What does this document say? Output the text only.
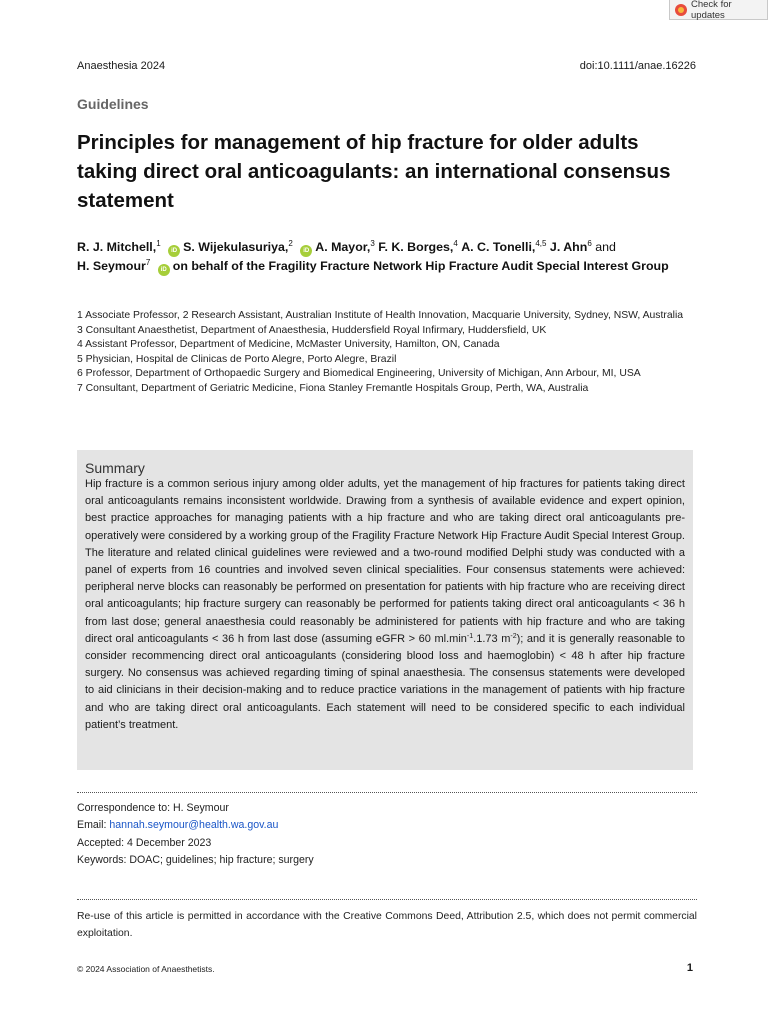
Check for updates
Anaesthesia 2024	doi:10.1111/anae.16226
Guidelines
Principles for management of hip fracture for older adults taking direct oral anticoagulants: an international consensus statement
R. J. Mitchell,$^1$ iD S. Wijekulasuriya,$^2$ iD A. Mayor,$^3$ F. K. Borges,$^4$ A. C. Tonelli,$^{4,5}$ J. Ahn$^6$ and
H. Seymour$^7$ iD on behalf of the Fragility Fracture Network Hip Fracture Audit Special Interest Group
1 Associate Professor, 2 Research Assistant, Australian Institute of Health Innovation, Macquarie University, Sydney, NSW, Australia
3 Consultant Anaesthetist, Department of Anaesthesia, Huddersfield Royal Infirmary, Huddersfield, UK
4 Assistant Professor, Department of Medicine, McMaster University, Hamilton, ON, Canada
5 Physician, Hospital de Clinicas de Porto Alegre, Porto Alegre, Brazil
6 Professor, Department of Orthopaedic Surgery and Biomedical Engineering, University of Michigan, Ann Arbour, MI, USA
7 Consultant, Department of Geriatric Medicine, Fiona Stanley Fremantle Hospitals Group, Perth, WA, Australia
Summary

Hip fracture is a common serious injury among older adults, yet the management of hip fractures for patients taking direct oral anticoagulants remains inconsistent worldwide. Drawing from a synthesis of available evidence and expert opinion, best practice approaches for managing patients with a hip fracture and who are taking direct oral anticoagulants pre-operatively were considered by a working group of the Fragility Fracture Network Hip Fracture Audit Special Interest Group. The literature and related clinical guidelines were reviewed and a two-round modified Delphi study was conducted with a panel of experts from 16 countries and involved seven clinical specialities. Four consensus statements were achieved: peripheral nerve blocks can reasonably be performed on presentation for patients with hip fracture who are receiving direct oral anticoagulants; hip fracture surgery can reasonably be performed for patients taking direct oral anticoagulants < 36 h from last dose; general anaesthesia could reasonably be administered for patients with hip fracture and who are taking direct oral anticoagulants < 36 h from last dose (assuming eGFR > 60 $ml.\min^{-1}.1.73$ $m^{-2}$); and it is generally reasonable to consider recommencing direct oral anticoagulants (considering blood loss and haemoglobin) < 48 h after hip fracture surgery. No consensus was achieved regarding timing of spinal anaesthesia. The consensus statements were developed to aid clinicians in their decision-making and to reduce practice variations in the management of patients with hip fracture and who are taking direct oral anticoagulants. Each statement will need to be considered specific to each individual patient’s treatment.

Correspondence to: H. Seymour
Email: hannah.seymour@health.wa.gov.au
Accepted: 4 December 2023
Keywords: DOAC; guidelines; hip fracture; surgery
Re-use of this article is permitted in accordance with the Creative Commons Deed, Attribution 2.5, which does not permit commercial exploitation.
© 2024 Association of Anaesthetists.	1
